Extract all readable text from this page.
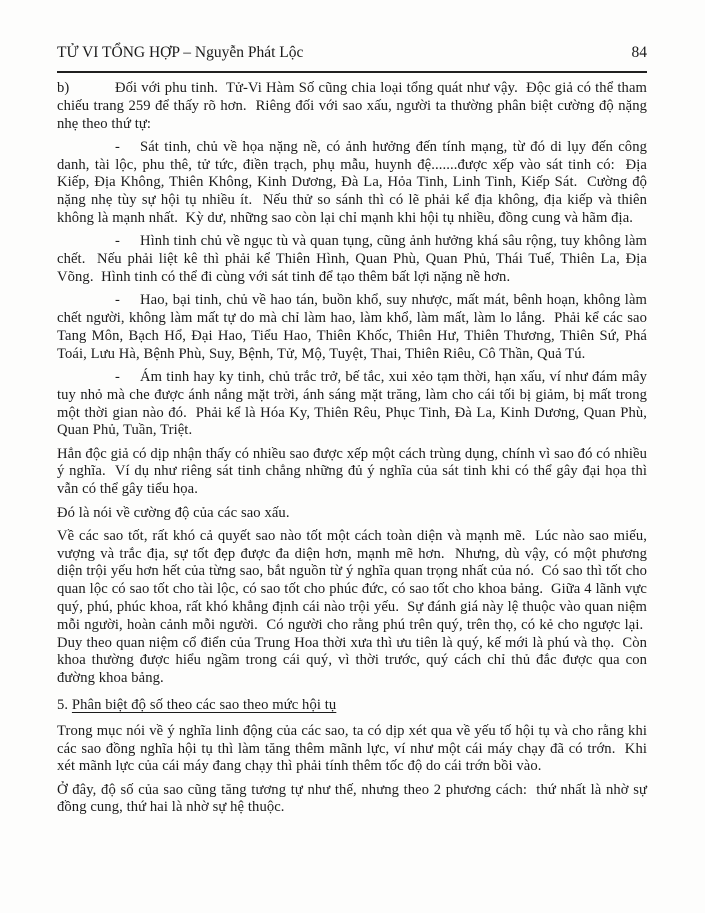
TỬ VI TỔNG HỢP – Nguyễn Phát Lộc	84

b)	Đối với phu tinh.  Tử-Vi Hàm Số cũng chia loại tổng quát như vậy.  Độc giả có thể tham chiếu trang 259 để thấy rõ hơn.  Riêng đối với sao xấu, người ta thường phân biệt cường độ nặng nhẹ theo thứ tự:

- Sát tinh, chủ về họa nặng nề, có ảnh hưởng đến tính mạng, từ đó di lụy đến công danh, tài lộc, phu thê, tử tức, điền trạch, phụ mẫu, huynh đệ.......được xếp vào sát tinh có:  Địa Kiếp, Địa Không, Thiên Không, Kinh Dương, Đà La, Hỏa Tinh, Linh Tinh, Kiếp Sát.  Cường độ nặng nhẹ tùy sự hội tụ nhiều ít.  Nếu thử so sánh thì có lẽ phải kể địa không, địa kiếp và thiên không là mạnh nhất.  Kỳ dư, những sao còn lại chỉ mạnh khi hội tụ nhiều, đồng cung và hãm địa.

- Hình tinh chủ về ngục tù và quan tụng, cũng ảnh hưởng khá sâu rộng, tuy không làm chết.  Nếu phải liệt kê thì phải kể Thiên Hình, Quan Phù, Quan Phủ, Thái Tuế, Thiên La, Địa Võng.  Hình tinh có thể đi cùng với sát tinh để tạo thêm bất lợi nặng nề hơn.

- Hao, bại tinh, chủ về hao tán, buồn khổ, suy nhược, mất mát, bênh hoạn, không làm chết người, không làm mất tự do mà chỉ làm hao, làm khổ, làm mất, làm lo lắng.  Phải kể các sao Tang Môn, Bạch Hổ, Đại Hao, Tiểu Hao, Thiên Khốc, Thiên Hư, Thiên Thương, Thiên Sứ, Phá Toái, Lưu Hà, Bệnh Phù, Suy, Bệnh, Tử, Mộ, Tuyệt, Thai, Thiên Riêu, Cô Thần, Quả Tú.

- Ám tinh hay ky tinh, chủ trắc trở, bế tắc, xui xẻo tạm thời, hạn xấu, ví như đám mây tuy nhỏ mà che được ánh nắng mặt trời, ánh sáng mặt trăng, làm cho cái tối bị giảm, bị mất trong một thời gian nào đó.  Phải kể là Hóa Ky, Thiên Rêu, Phục Tinh, Đà La, Kinh Dương, Quan Phù, Quan Phủ, Tuần, Triệt.

Hẳn độc giả có dịp nhận thấy có nhiều sao được xếp một cách trùng dụng, chính vì sao đó có nhiều ý nghĩa.  Ví dụ như riêng sát tinh chẳng những đủ ý nghĩa của sát tinh khi có thể gây đại họa thì vẫn có thể gây tiểu họa.

Đó là nói về cường độ của các sao xấu.

Về các sao tốt, rất khó cả quyết sao nào tốt một cách toàn diện và mạnh mẽ.  Lúc nào sao miếu, vượng và trắc địa, sự tốt đẹp được đa diện hơn, mạnh mẽ hơn.  Nhưng, dù vậy, có một phương diện trội yếu hơn hết của từng sao, bắt nguồn từ ý nghĩa quan trọng nhất của nó.  Có sao thì tốt cho quan lộc có sao tốt cho tài lộc, có sao tốt cho phúc đức, có sao tốt cho khoa bảng.  Giữa 4 lãnh vực quý, phú, phúc khoa, rất khó khẳng định cái nào trội yếu.  Sự đánh giá này lệ thuộc vào quan niệm mỗi người, hoàn cảnh mỗi người.  Có người cho rằng phú trên quý, trên thọ, có kẻ cho ngược lại.  Duy theo quan niệm cổ điển của Trung Hoa thời xưa thì ưu tiên là quý, kế mới là phú và thọ.  Còn khoa thường được hiểu ngầm trong cái quý, vì thời trước, quý cách chỉ thủ đắc được qua con đường khoa bảng.

5. Phân biệt độ số theo các sao theo mức hội tụ

Trong mục nói về ý nghĩa linh động của các sao, ta có dịp xét qua về yếu tố hội tụ và cho rằng khi các sao đồng nghĩa hội tụ thì làm tăng thêm mãnh lực, ví như một cái máy chạy đã có trớn.  Khi xét mãnh lực của cái máy đang chạy thì phải tính thêm tốc độ do cái trớn bồi vào.

Ở đây, độ số của sao cũng tăng tương tự như thế, nhưng theo 2 phương cách:  thứ nhất là nhờ sự đồng cung, thứ hai là nhờ sự hệ thuộc.
